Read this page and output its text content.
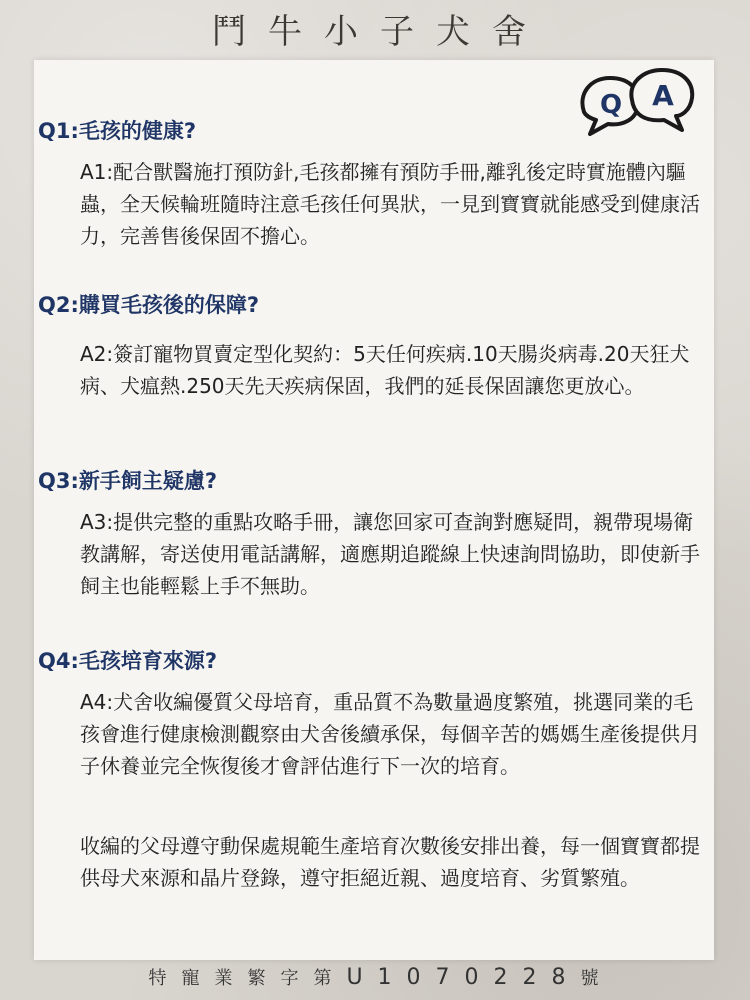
鬥牛小子犬舍
Q A
Q1:毛孩的健康?

A1:配合獸醫施打預防針,毛孩都擁有預防手冊,離乳後定時實施體內驅蟲，全天候輪班隨時注意毛孩任何異狀，一見到寶寶就能感受到健康活力，完善售後保固不擔心。

Q2:購買毛孩後的保障?

A2:簽訂寵物買賣定型化契約：5天任何疾病.10天腸炎病毒.20天狂犬病、犬瘟熱.250天先天疾病保固，我們的延長保固讓您更放心。

Q3:新手飼主疑慮?

A3:提供完整的重點攻略手冊，讓您回家可查詢對應疑問，親帶現場衛教講解，寄送使用電話講解，適應期追蹤線上快速詢問協助，即使新手飼主也能輕鬆上手不無助。

Q4:毛孩培育來源?

A4:犬舍收編優質父母培育，重品質不為數量過度繁殖，挑選同業的毛孩會進行健康檢測觀察由犬舍後續承保，每個辛苦的媽媽生產後提供月子休養並完全恢復後才會評估進行下一次的培育。

收編的父母遵守動保處規範生產培育次數後安排出養，每一個寶寶都提供母犬來源和晶片登錄，遵守拒絕近親、過度培育、劣質繁殖。

特寵業繁字第U1070228號
